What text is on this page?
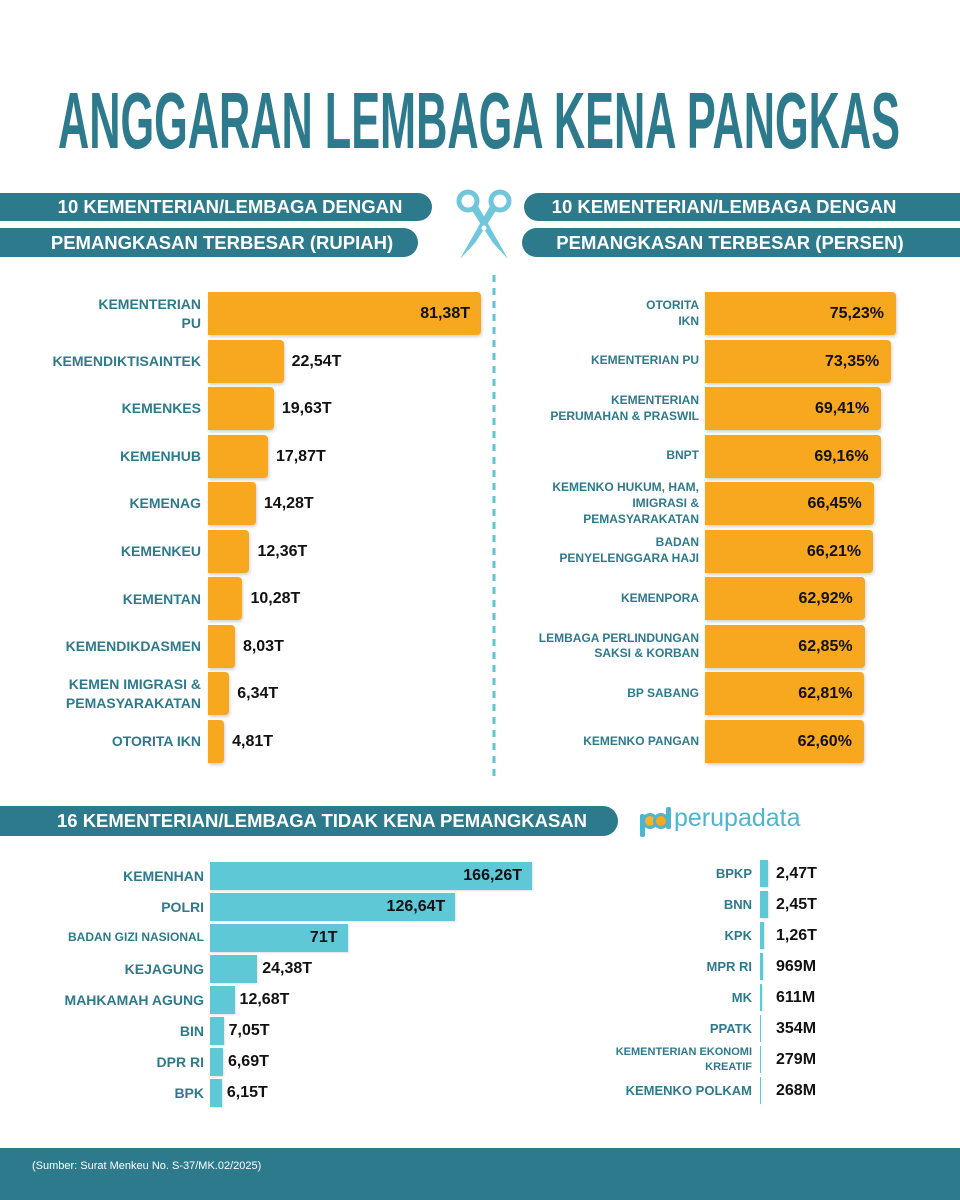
ANGGARAN LEMBAGA KENA PANGKAS
10 KEMENTERIAN/LEMBAGA DENGAN
PEMANGKASAN TERBESAR (RUPIAH)
10 KEMENTERIAN/LEMBAGA DENGAN
PEMANGKASAN TERBESAR (PERSEN)
KEMENTERIAN
PU
81,38T
KEMENDIKTISAINTEK	22,54T
KEMENKES	19,63T
KEMENHUB	17,87T
KEMENAG	14,28T
KEMENKEU	12,36T
KEMENTAN	10,28T
KEMENDIKDASMEN	8,03T
KEMEN IMIGRASI &
PEMASYARAKATAN
6,34T
OTORITA IKN 4,81T
OTORITA
IKN	75,23%
KEMENTERIAN PU	73,35%
KEMENTERIAN
PERUMAHAN & PRASWIL	69,41%
BNPT	69,16%
KEMENKO HUKUM, HAM,
IMIGRASI &
PEMASYARAKATAN
66,45%
BADAN
PENYELENGGARA HAJI	66,21%
KEMENPORA	62,92%
LEMBAGA PERLINDUNGAN
SAKSI & KORBAN	62,85%
BP SABANG	62,81%
KEMENKO PANGAN	62,60%
16 KEMENTERIAN/LEMBAGA TIDAK KENA PEMANGKASAN	perupadata
KEMENHAN	166,26T
POLRI	126,64T
BADAN GIZI NASIONAL	71T
KEJAGUNG	24,38T
MAHKAMAH AGUNG 12,68T
BIN 7,05T
DPR RI 6,69T
BPK 6,15T
BPKP 2,47T
BNN 2,45T
KPK 1,26T
MPR RI 969M
MK 611M
PPATK 354M
KEMENTERIAN EKONOMI
KREATIF 279M
KEMENKO POLKAM 268M
(Sumber: Surat Menkeu No. S-37/MK.02/2025)
